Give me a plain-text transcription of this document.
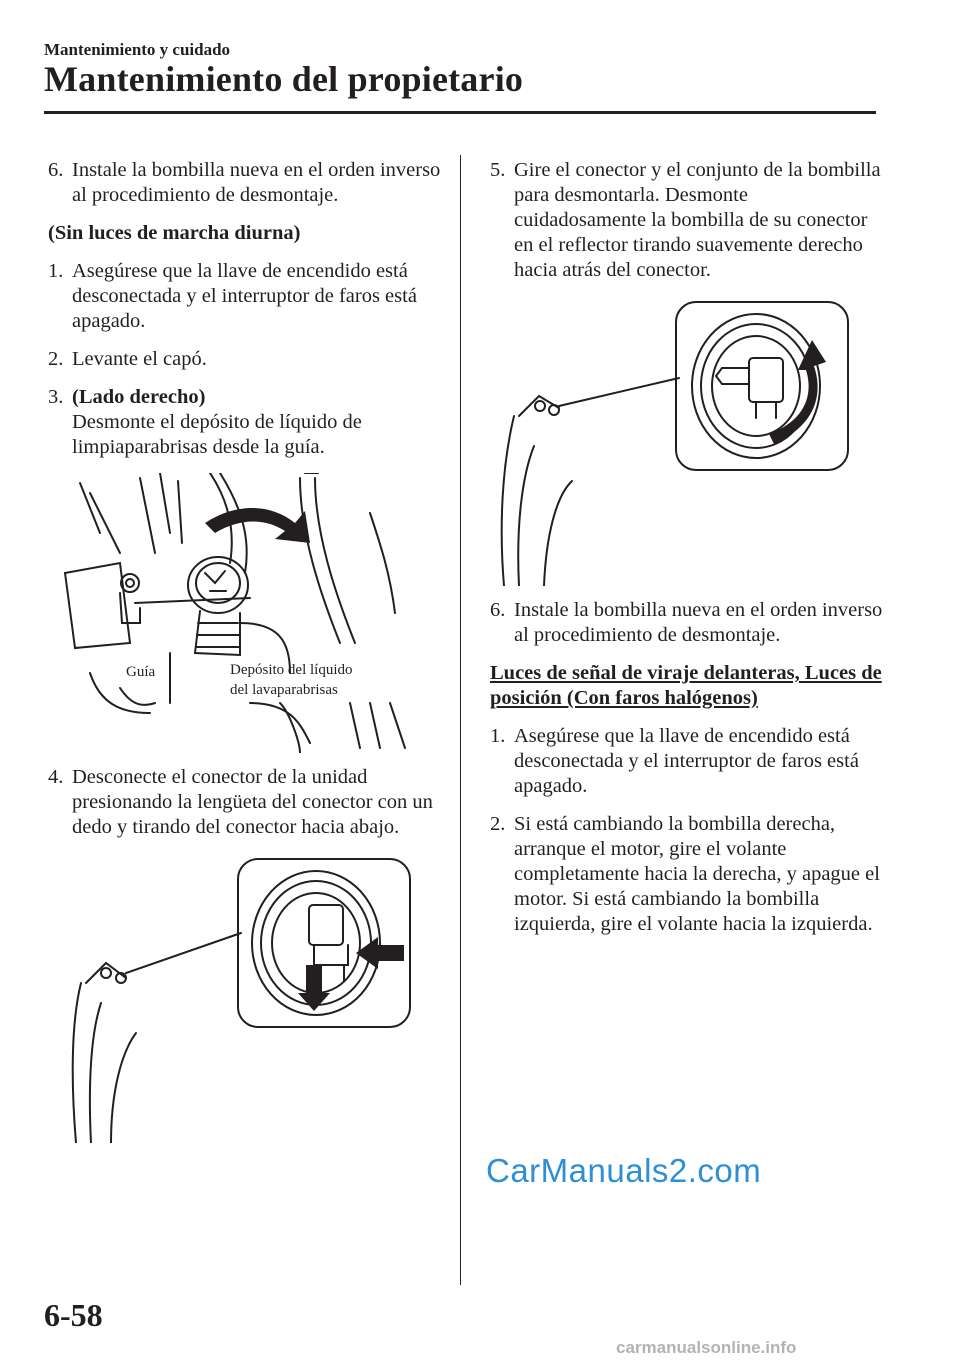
Mantenimiento y cuidado
Mantenimiento del propietario
6. Instale la bombilla nueva en el orden inverso al procedimiento de desmontaje.
(Sin luces de marcha diurna)
1. Asegúrese que la llave de encendido está desconectada y el interruptor de faros está apagado.
2. Levante el capó.
3. (Lado derecho)
Desmonte el depósito de líquido de limpiaparabrisas desde la guía.
Guía	Depósito del líquido
del lavaparabrisas
4. Desconecte el conector de la unidad presionando la lengüeta del conector con un dedo y tirando del conector hacia abajo.
5. Gire el conector y el conjunto de la bombilla para desmontarla. Desmonte cuidadosamente la bombilla de su conector en el reflector tirando suavemente derecho hacia atrás del conector.
6. Instale la bombilla nueva en el orden inverso al procedimiento de desmontaje.
Luces de señal de viraje delanteras, Luces de posición (Con faros halógenos)
1. Asegúrese que la llave de encendido está desconectada y el interruptor de faros está apagado.
2. Si está cambiando la bombilla derecha, arranque el motor, gire el volante completamente hacia la derecha, y apague el motor. Si está cambiando la bombilla izquierda, gire el volante hacia la izquierda.
6-58
CarManuals2.com
carmanualsonline.info
